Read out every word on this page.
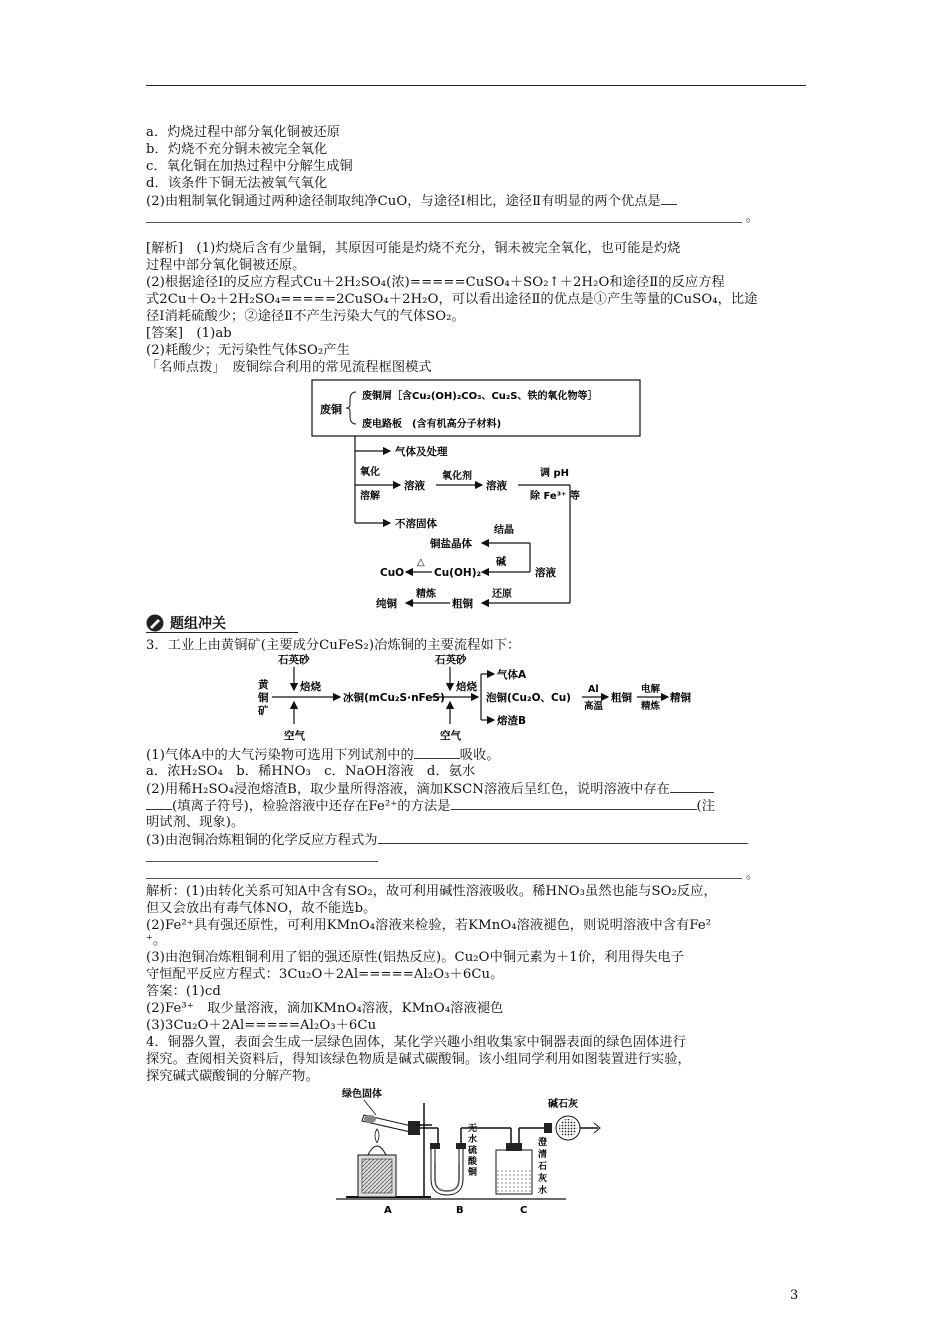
a．灼烧过程中部分氧化铜被还原
b．灼烧不充分铜未被完全氧化
c．氧化铜在加热过程中分解生成铜
d．该条件下铜无法被氧气氧化
(2)由粗制氧化铜通过两种途径制取纯净CuO，与途径Ⅰ相比，途径Ⅱ有明显的两个优点是
。
[解析]　(1)灼烧后含有少量铜，其原因可能是灼烧不充分，铜未被完全氧化，也可能是灼烧
过程中部分氧化铜被还原。
(2)根据途径Ⅰ的反应方程式Cu＋2H₂SO₄(浓)=====CuSO₄＋SO₂↑＋2H₂O和途径Ⅱ的反应方程
式2Cu＋O₂＋2H₂SO₄=====2CuSO₄＋2H₂O，可以看出途径Ⅱ的优点是①产生等量的CuSO₄，比途
径Ⅰ消耗硫酸少；②途径Ⅱ不产生污染大气的气体SO₂。
[答案]　(1)ab
(2)耗酸少；无污染性气体SO₂产生
「名师点拨」　废铜综合利用的常见流程框图模式
废铜
废铜屑［含Cu₂(OH)₂CO₃、Cu₂S、铁的氧化物等］
废电路板　(含有机高分子材料)
气体及处理
氧化
溶解
溶液
氧化剂
溶液
调 pH
除 Fe³⁺ 等
不溶固体
结晶
铜盐晶体
碱
溶液
Cu(OH)₂
△
CuO
还原
粗铜
精炼
纯铜
题组冲关
3．工业上由黄铜矿(主要成分CuFeS₂)冶炼铜的主要流程如下：
黄
铜
矿
石英砂
焙烧
空气
冰铜(mCu₂S·nFeS)
石英砂
焙烧
空气
气体A
泡铜(Cu₂O、Cu)
熔渣B
Al
高温
粗铜
电解
精炼
精铜
(1)气体A中的大气污染物可选用下列试剂中的	吸收。
a．浓H₂SO₄　b．稀HNO₃　c．NaOH溶液　d．氨水
(2)用稀H₂SO₄浸泡熔渣B，取少量所得溶液，滴加KSCN溶液后呈红色，说明溶液中存在
(填离子符号)，检验溶液中还存在Fe²⁺的方法是	(注
明试剂、现象)。
(3)由泡铜冶炼粗铜的化学反应方程式为
。
解析：(1)由转化关系可知A中含有SO₂，故可利用碱性溶液吸收。稀HNO₃虽然也能与SO₂反应，
但又会放出有毒气体NO，故不能选b。
(2)Fe²⁺具有强还原性，可利用KMnO₄溶液来检验，若KMnO₄溶液褪色，则说明溶液中含有Fe²
⁺。
(3)由泡铜冶炼粗铜利用了铝的强还原性(铝热反应)。Cu₂O中铜元素为＋1价，利用得失电子
守恒配平反应方程式：3Cu₂O＋2Al=====Al₂O₃＋6Cu。
答案：(1)cd
(2)Fe³⁺　取少量溶液，滴加KMnO₄溶液，KMnO₄溶液褪色
(3)3Cu₂O＋2Al=====Al₂O₃＋6Cu
4．铜器久置，表面会生成一层绿色固体，某化学兴趣小组收集家中铜器表面的绿色固体进行
探究。查阅相关资料后，得知该绿色物质是碱式碳酸铜。该小组同学利用如图装置进行实验，
探究碱式碳酸铜的分解产物。
绿色固体
无
水
硫
酸
铜
澄
清
石
灰
水
碱石灰
A	B	C
3
